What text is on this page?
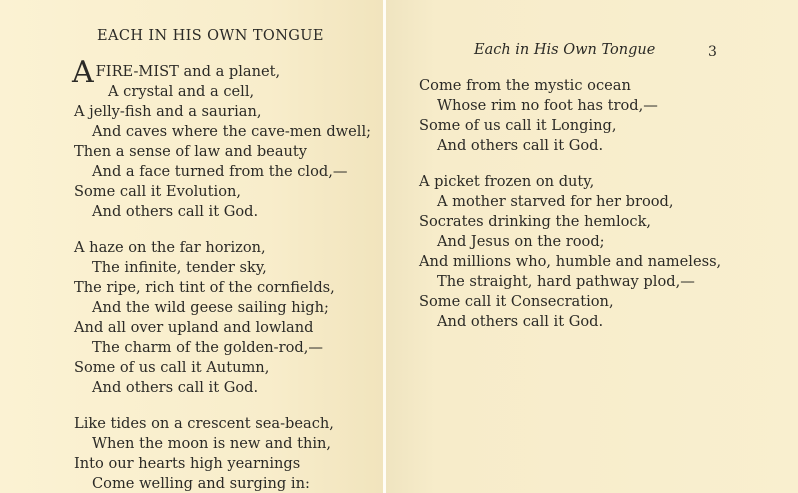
EACH IN HIS OWN TONGUE
AFIRE-MIST and a planet,
A crystal and a cell,
A jelly-fish and a saurian,
And caves where the cave-men dwell;
Then a sense of law and beauty
And a face turned from the clod,—
Some call it Evolution,
And others call it God.
A haze on the far horizon,
The infinite, tender sky,
The ripe, rich tint of the cornfields,
And the wild geese sailing high;
And all over upland and lowland
The charm of the golden-rod,—
Some of us call it Autumn,
And others call it God.
Like tides on a crescent sea-beach,
When the moon is new and thin,
Into our hearts high yearnings
Come welling and surging in:
Each in His Own Tongue	3
Come from the mystic ocean
Whose rim no foot has trod,—
Some of us call it Longing,
And others call it God.
A picket frozen on duty,
A mother starved for her brood,
Socrates drinking the hemlock,
And Jesus on the rood;
And millions who, humble and nameless,
The straight, hard pathway plod,—
Some call it Consecration,
And others call it God.
